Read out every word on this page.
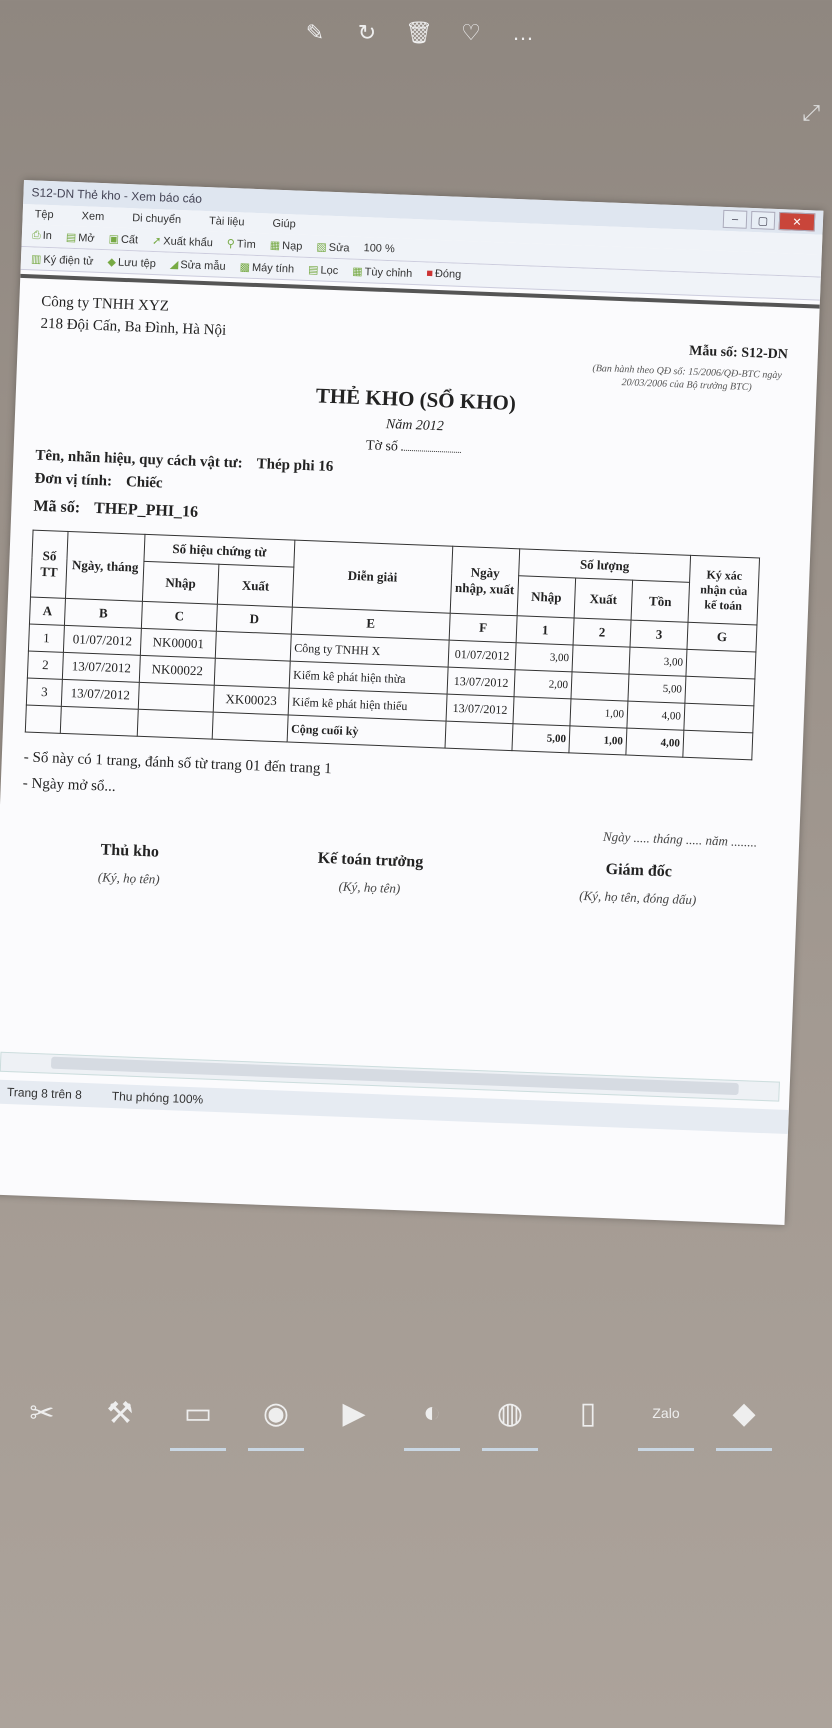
✎ ↻ 🗑 ♡ …
⤢
S12-DN Thẻ kho - Xem báo cáo
–	▢	✕
Tệp	Xem	Di chuyển	Tài liệu	Giúp
⎙ In ▤ Mở ▣ Cất ➚ Xuất khẩu ⚲ Tìm ▦ Nạp ▧ Sửa 100 %
▥ Ký điện tử ◆ Lưu tệp ◢ Sửa mẫu ▩ Máy tính ▤ Lọc ▦ Tùy chỉnh ■ Đóng
Công ty TNHH XYZ
218 Đội Cấn, Ba Đình, Hà Nội
Mẫu số: S12-DN
(Ban hành theo QĐ số: 15/2006/QĐ-BTC ngày 20/03/2006 của Bộ trưởng BTC)
THẺ KHO (SỔ KHO)
Năm 2012
Tờ số
Tên, nhãn hiệu, quy cách vật tư: Thép phi 16
Đơn vị tính: Chiếc
Mã số: THEP_PHI_16
Số TT	Ngày, tháng	Số hiệu chứng từ		Diễn giải	Ngày nhập, xuất	Số lượng			Ký xác nhận của kế toán
		Nhập	Xuất			Nhập	Xuất	Tồn	
A	B	C	D	E	F	1	2	3	G
1	01/07/2012	NK00001		Công ty TNHH X	01/07/2012	3,00		3,00	
2	13/07/2012	NK00022		Kiểm kê phát hiện thừa	13/07/2012	2,00		5,00	
3	13/07/2012		XK00023	Kiểm kê phát hiện thiếu	13/07/2012		1,00	4,00	
				Cộng cuối kỳ		5,00	1,00	4,00	
- Sổ này có 1 trang, đánh số từ trang 01 đến trang 1
- Ngày mở sổ...
Ngày ..... tháng ..... năm ........
Thủ kho
(Ký, họ tên)
Kế toán trưởng
(Ký, họ tên)
Giám đốc
(Ký, họ tên, đóng dấu)
Trang 8 trên 8 Thu phóng 100%
✂ ⚒ ▭ ◉ ▶ ◐ ◍ ▯	Zalo ◆
